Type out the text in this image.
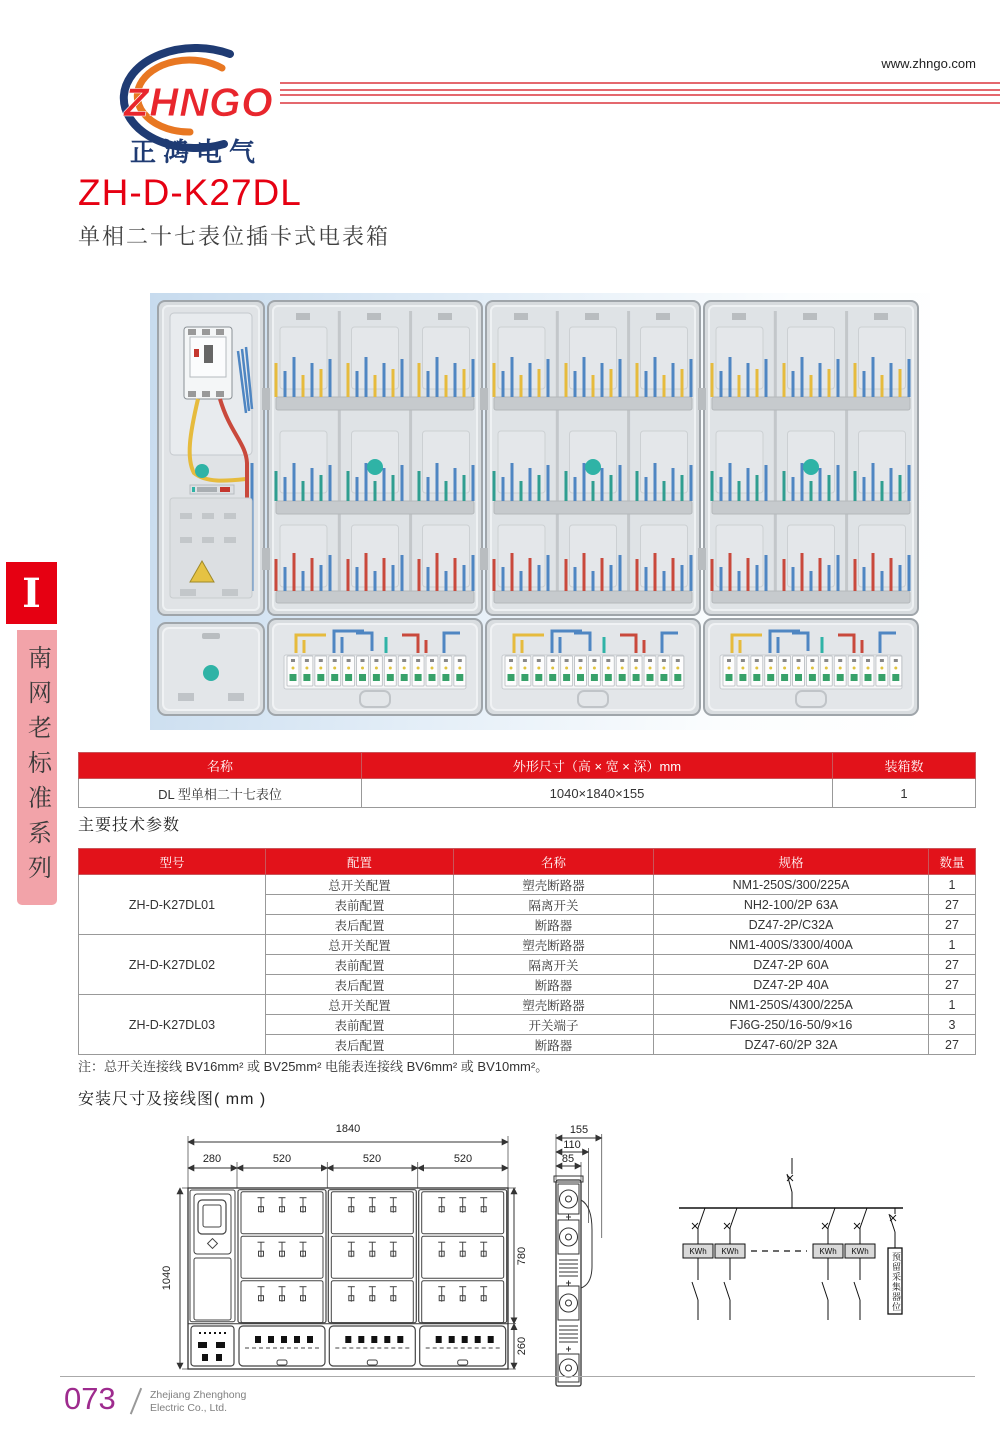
ZHNGO
正鸿电气
www.zhngo.com
ZH-D-K27DL
单相二十七表位插卡式电表箱
I
南网老标准系列	名称	外形尺寸（高 × 宽 × 深）mm	装箱数
DL 型单相二十七表位	1040×1840×155	1
主要技术参数
型号	配置	名称	规格	数量
ZH-D-K27DL01	总开关配置	塑壳断路器	NM1-250S/300/225A	1
	表前配置	隔离开关	NH2-100/2P 63A	27
	表后配置	断路器	DZ47-2P/C32A	27
ZH-D-K27DL02	总开关配置	塑壳断路器	NM1-400S/3300/400A	1
	表前配置	隔离开关	DZ47-2P 60A	27
	表后配置	断路器	DZ47-2P 40A	27
ZH-D-K27DL03	总开关配置	塑壳断路器	NM1-250S/4300/225A	1
	表前配置	开关端子	FJ6G-250/16-50/9×16	3
	表后配置	断路器	DZ47-60/2P 32A	27
注：总开关连接线 BV16mm² 或 BV25mm² 电能表连接线 BV6mm² 或 BV10mm²。
安装尺寸及接线图( mm )
1840
280	520	520	520
1040
780
260
155
110
85
KWh KWh	KWh KWh
预留采集器位
073	Zhejiang Zhenghong
Electric Co., Ltd.
